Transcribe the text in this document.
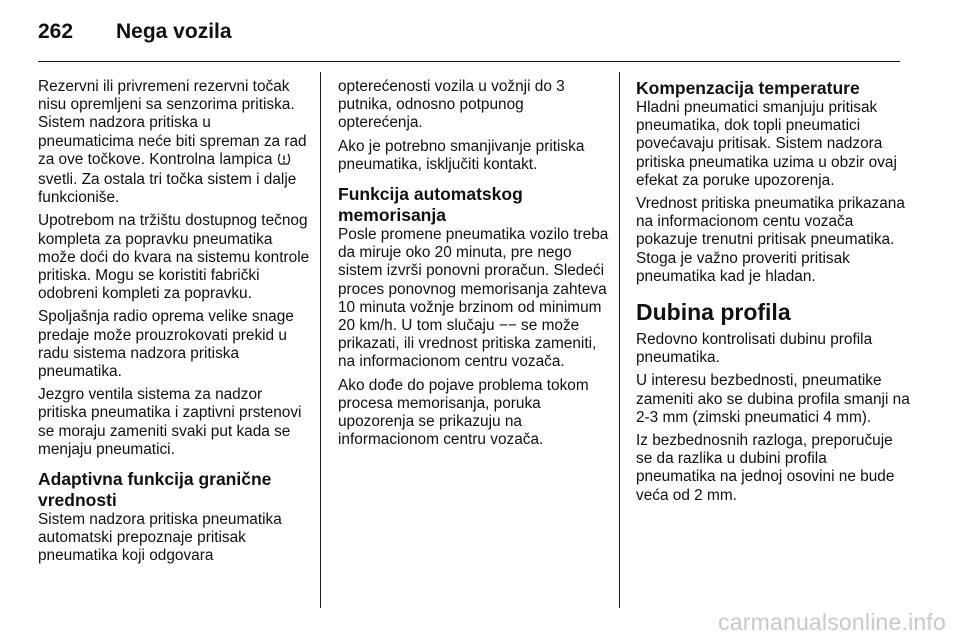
262 Nega vozila

Rezervni ili privremeni rezervni točak nisu opremljeni sa senzorima pritiska. Sistem nadzora pritiska u pneumaticima neće biti spreman za rad za ove točkove. Kontrolna lampica  svetli. Za ostala tri točka sistem i dalje funkcioniše.

Upotrebom na tržištu dostupnog tečnog kompleta za popravku pneumatika može doći do kvara na sistemu kontrole pritiska. Mogu se koristiti fabrički odobreni kompleti za popravku.

Spoljašnja radio oprema velike snage predaje može prouzrokovati prekid u radu sistema nadzora pritiska pneumatika.

Jezgro ventila sistema za nadzor pritiska pneumatika i zaptivni prstenovi se moraju zameniti svaki put kada se menjaju pneumatici.

Adaptivna funkcija granične vrednosti

Sistem nadzora pritiska pneumatika automatski prepoznaje pritisak pneumatika koji odgovara

opterećenosti vozila u vožnji do 3 putnika, odnosno potpunog opterećenja.

Ako je potrebno smanjivanje pritiska pneumatika, isključiti kontakt.

Funkcija automatskog memorisanja

Posle promene pneumatika vozilo treba da miruje oko 20 minuta, pre nego sistem izvrši ponovni proračun. Sledeći proces ponovnog memorisanja zahteva 10 minuta vožnje brzinom od minimum 20 km/h. U tom slučaju −− se može prikazati, ili vrednost pritiska zameniti, na informacionom centru vozača.

Ako dođe do pojave problema tokom procesa memorisanja, poruka upozorenja se prikazuju na informacionom centru vozača.

Kompenzacija temperature

Hladni pneumatici smanjuju pritisak pneumatika, dok topli pneumatici povećavaju pritisak. Sistem nadzora pritiska pneumatika uzima u obzir ovaj efekat za poruke upozorenja.

Vrednost pritiska pneumatika prikazana na informacionom centu vozača pokazuje trenutni pritisak pneumatika. Stoga je važno proveriti pritisak pneumatika kad je hladan.

Dubina profila

Redovno kontrolisati dubinu profila pneumatika.

U interesu bezbednosti, pneumatike zameniti ako se dubina profila smanji na 2-3 mm (zimski pneumatici 4 mm).

Iz bezbednosnih razloga, preporučuje se da razlika u dubini profila pneumatika na jednoj osovini ne bude veća od 2 mm.

carmanualsonline.info
